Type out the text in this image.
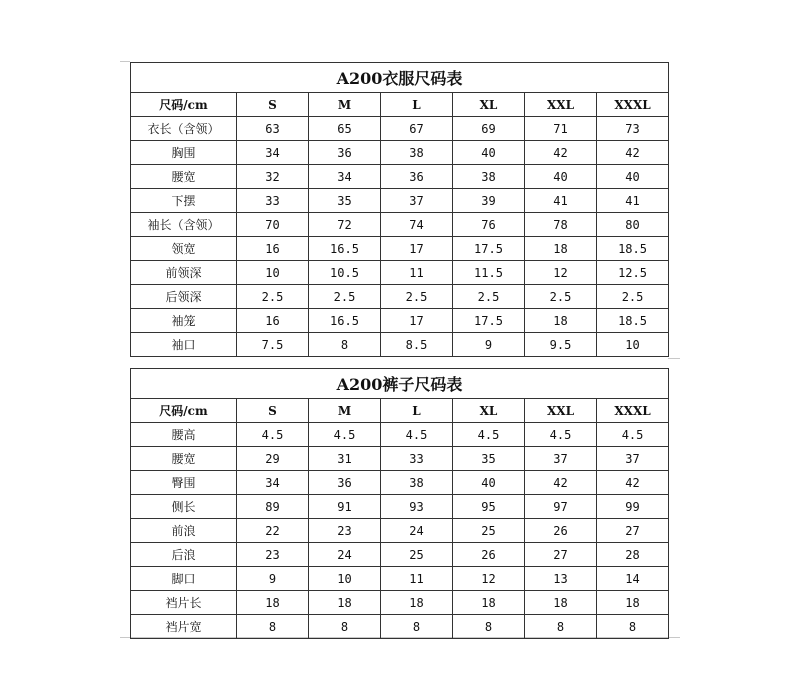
A200衣服尺码表						
尺码/cm	S	M	L	XL	XXL	XXXL
衣长（含领）	63	65	67	69	71	73
胸围	34	36	38	40	42	42
腰宽	32	34	36	38	40	40
下摆	33	35	37	39	41	41
袖长（含领）	70	72	74	76	78	80
领宽	16	16.5	17	17.5	18	18.5
前领深	10	10.5	11	11.5	12	12.5
后领深	2.5	2.5	2.5	2.5	2.5	2.5
袖笼	16	16.5	17	17.5	18	18.5
袖口	7.5	8	8.5	9	9.5	10
A200裤子尺码表						
尺码/cm	S	M	L	XL	XXL	XXXL
腰高	4.5	4.5	4.5	4.5	4.5	4.5
腰宽	29	31	33	35	37	37
臀围	34	36	38	40	42	42
侧长	89	91	93	95	97	99
前浪	22	23	24	25	26	27
后浪	23	24	25	26	27	28
脚口	9	10	11	12	13	14
裆片长	18	18	18	18	18	18
裆片宽	8	8	8	8	8	8
